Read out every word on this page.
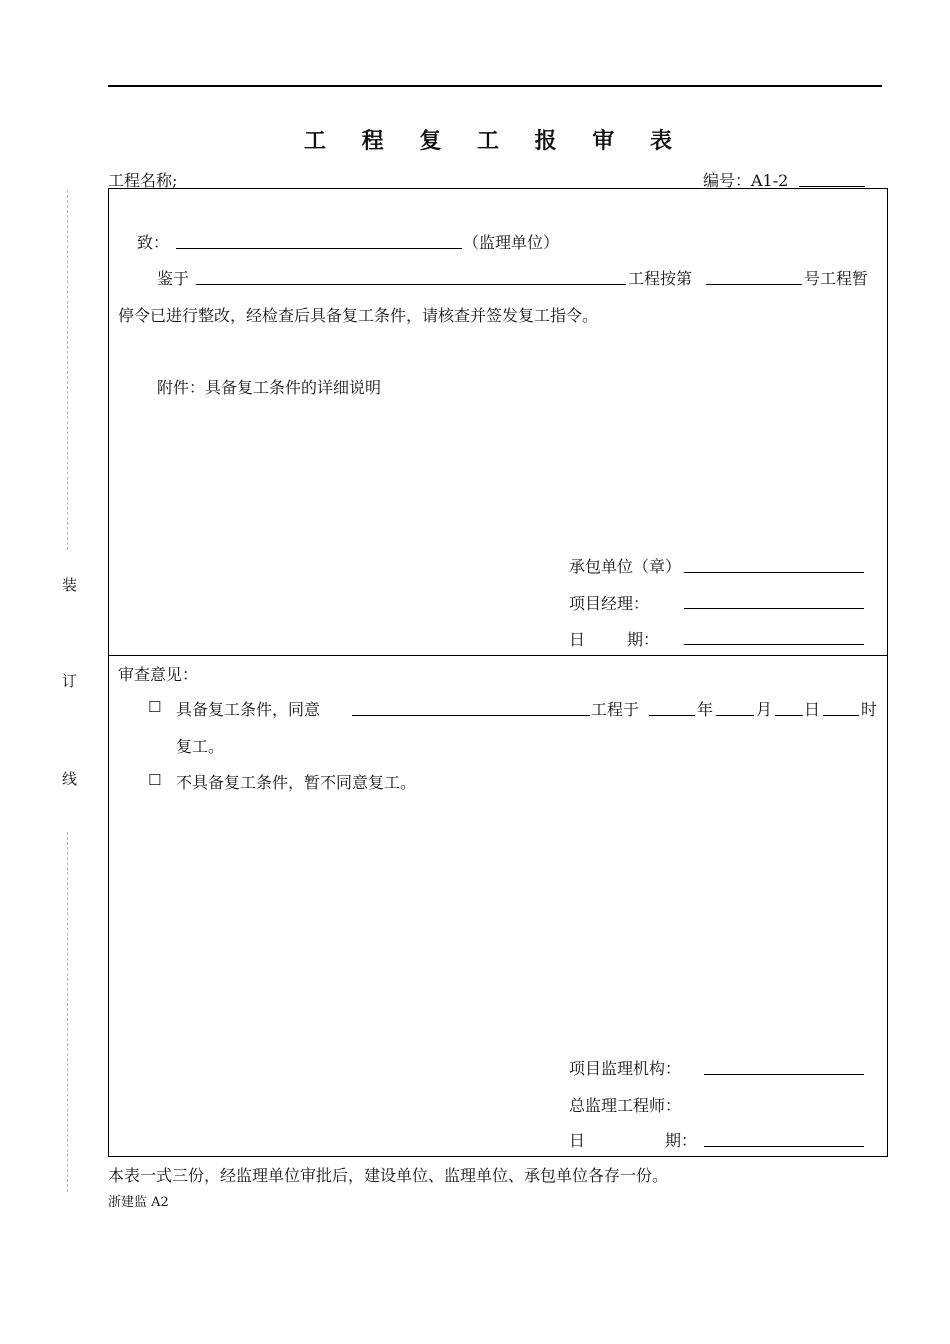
工 程 复 工 报 审 表
工程名称;	编号：A1-2
装
订
线
致：	（监理单位）
鉴于	工程按第	号工程暂
停令已进行整改，经检查后具备复工条件，请核查并签发复工指令。
附件：具备复工条件的详细说明
承包单位（章）
项目经理：
日	期：
审查意见：
☐ 具备复工条件，同意	工程于	年	月 日	时
复工。
☐ 不具备复工条件，暂不同意复工。
项目监理机构：
总监理工程师：
日	期：
本表一式三份，经监理单位审批后，建设单位、监理单位、承包单位各存一份。
浙建监 A2
